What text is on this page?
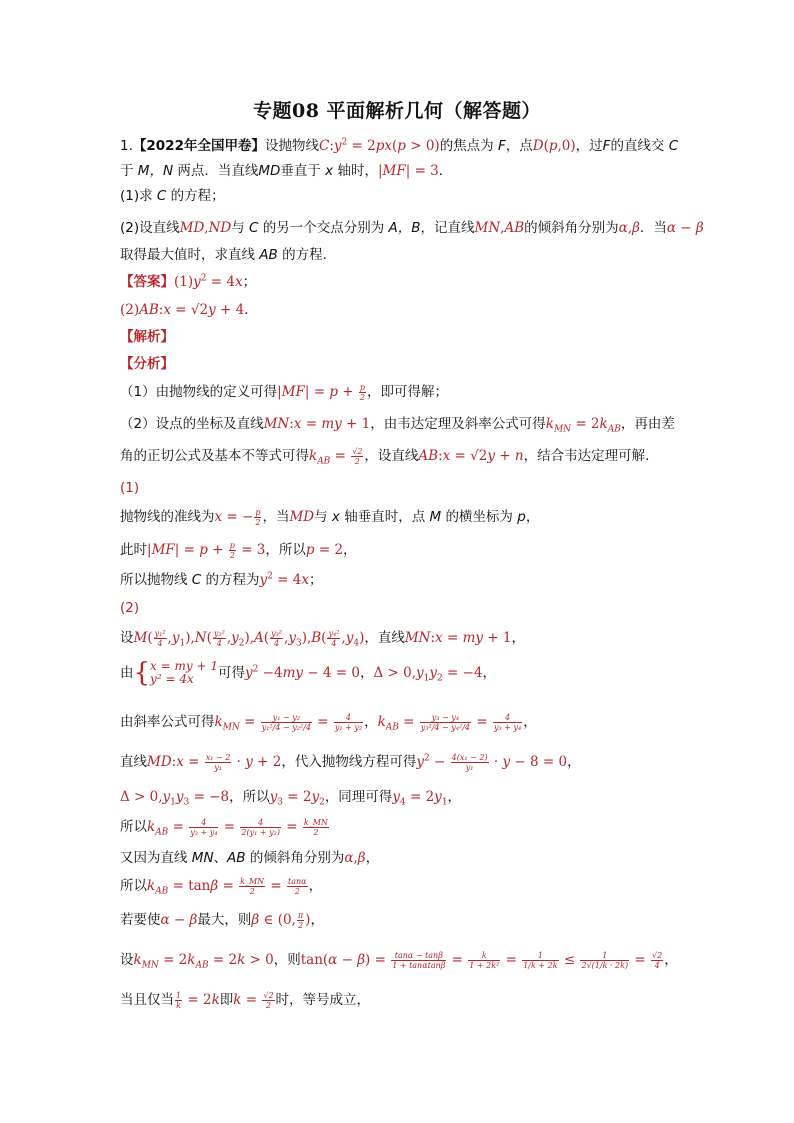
专题08 平面解析几何（解答题）
1.【2022年全国甲卷】设抛物线$C:y^2 = 2px(p > 0)$的焦点为 F，点D(p,0)，过F的直线交 C
于 M，N 两点．当直线MD垂直于 x 轴时，|MF| = 3．
(1)求 C 的方程；
(2)设直线MD,ND与 C 的另一个交点分别为 A，B，记直线MN,AB的倾斜角分别为α,β．当α − β
取得最大值时，求直线 AB 的方程．
【答案】$(1)y^2 = 4x$；
(2)AB:x = √2y + 4．
【解析】
【分析】
（1）由抛物线的定义可得$|MF| = p + \frac{p}{2}$ ，即可得解；
（2）设点的坐标及直线MN:x = my + 1，由韦达定理及斜率公式可得$k_{MN} = 2k_{AB}$，再由差
角的正切公式及基本不等式可得$k_{AB} = \frac{√2}{2}$ ，设直线AB:x = √2y + n，结合韦达定理可解．
(1)
抛物线的准线为x = − $\frac{p}{2}$ ，当MD与 x 轴垂直时，点 M 的横坐标为 p，
此时$|MF| = p + \frac{p}{2} = 3$，所以p = 2，
所以抛物线 C 的方程为$y^2 = 4x$；
(2)
设$M( \frac{\text{y₁²}}{4} ,y_1),N( \frac{\text{y₂²}}{4} ,y_2),A( \frac{\text{y₃²}}{4} ,y_3),B( \frac{\text{y₄²}}{4} ,y_4)$，直线MN:x = my + 1，
由{ x = my + 1
y² = 4x	可得$y^2 -4my - 4 = 0$，$\Delta > 0,y_1y_2 = -4$，
由斜率公式可得$k_{MN} = \frac{\text{y₁ − y₂}}{\text{y₁²/4 − y₂²/4}} = \frac{4}{\text{y₁ + y₂}}$ ，$k_{AB} = \frac{\text{y₃ − y₄}}{\text{y₃²/4 − y₄²/4}} = \frac{4}{\text{y₃ + y₄}}$ ，
直线MD:x = $\frac{\text{x₁ − 2}}{\text{y₁}} \cdot y + 2$，代入抛物线方程可得$y^2 - \frac{\text{4(x₁ − 2)}}{\text{y₁}} \cdot y - 8 = 0$，
$\Delta > 0,y_1y_3 = -8$，所以$y_3 = 2y_2$，同理可得$y_4 = 2y_1$，
所以$k_{AB} = \frac{4}{\text{y₃ + y₄}} = \frac{4}{\text{2(y₁ + y₂)}} = \frac{k\_MN}{2}$
又因为直线 MN、AB 的倾斜角分别为α,β，
所以$k_{AB} = \tan\beta = \frac{k\_MN}{2} = \frac{\tan\alpha}{2}$ ，
若要使α − β最大，则β ∈ (0, $\frac{\pi}{2}$ )，
设$k_{MN} = 2k_{AB} = 2k > 0$，则$\tan(\alpha - \beta) = \frac{\tan\alpha - \tan\beta}{1 + \tan\alpha\tan\beta} = \frac{k}{\text{1 + 2k²}} = \frac{1}{1/k + 2k} \le \frac{1}{2√(1/k \cdot 2k)} = \frac{√2}{4}$ ，
当且仅当 $\frac{1}{k} = 2k$即$k = \frac{√2}{2}$ 时，等号成立，
